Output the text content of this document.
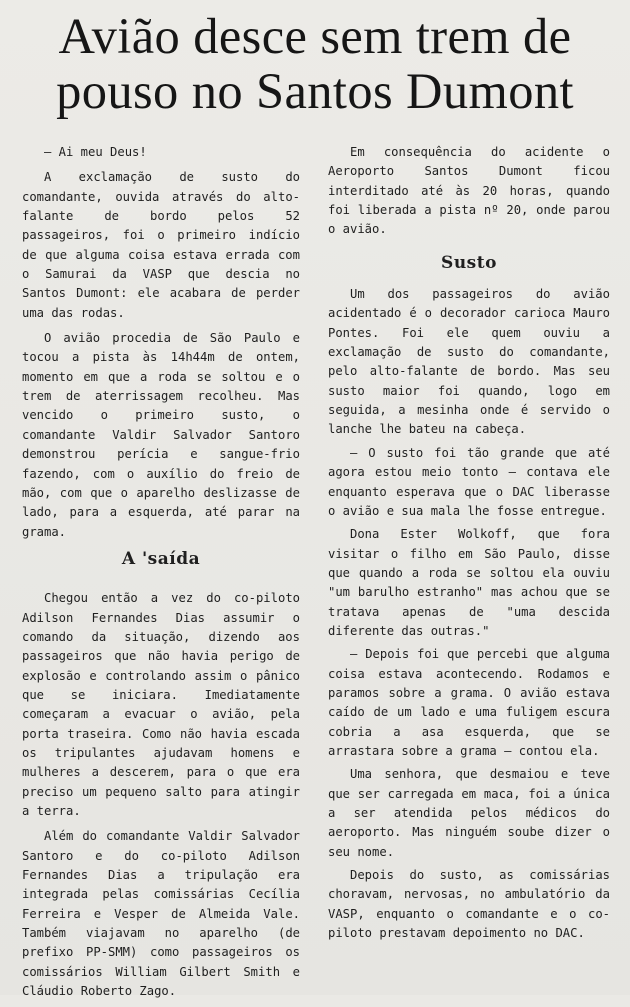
Avião desce sem trem de pouso no Santos Dumont

— Ai meu Deus!

A exclamação de susto do comandante, ouvida através do alto-falante de bordo pelos 52 passageiros, foi o primeiro indício de que alguma coisa estava errada com o Samurai da VASP que descia no Santos Dumont: ele acabara de perder uma das rodas.

O avião procedia de São Paulo e tocou a pista às 14h44m de ontem, momento em que a roda se soltou e o trem de aterrissagem recolheu. Mas vencido o primeiro susto, o comandante Valdir Salvador Santoro demonstrou perícia e sangue-frio fazendo, com o auxílio do freio de mão, com que o aparelho deslizasse de lado, para a esquerda, até parar na grama.

A 'saída

Chegou então a vez do co-piloto Adilson Fernandes Dias assumir o comando da situação, dizendo aos passageiros que não havia perigo de explosão e controlando assim o pânico que se iniciara. Imediatamente começaram a evacuar o avião, pela porta traseira. Como não havia escada os tripulantes ajudavam homens e mulheres a descerem, para o que era preciso um pequeno salto para atingir a terra.

Além do comandante Valdir Salvador Santoro e do co-piloto Adilson Fernandes Dias a tripulação era integrada pelas comissárias Cecília Ferreira e Vesper de Almeida Vale. Também viajavam no aparelho (de prefixo PP-SMM) como passageiros os comissários William Gilbert Smith e Cláudio Roberto Zago.

Em consequência do acidente o Aeroporto Santos Dumont ficou interditado até às 20 horas, quando foi liberada a pista nº 20, onde parou o avião.

Susto

Um dos passageiros do avião acidentado é o decorador carioca Mauro Pontes. Foi ele quem ouviu a exclamação de susto do comandante, pelo alto-falante de bordo. Mas seu susto maior foi quando, logo em seguida, a mesinha onde é servido o lanche lhe bateu na cabeça.

— O susto foi tão grande que até agora estou meio tonto — contava ele enquanto esperava que o DAC liberasse o avião e sua mala lhe fosse entregue.

Dona Ester Wolkoff, que fora visitar o filho em São Paulo, disse que quando a roda se soltou ela ouviu "um barulho estranho" mas achou que se tratava apenas de "uma descida diferente das outras."

— Depois foi que percebi que alguma coisa estava acontecendo. Rodamos e paramos sobre a grama. O avião estava caído de um lado e uma fuligem escura cobria a asa esquerda, que se arrastara sobre a grama — contou ela.

Uma senhora, que desmaiou e teve que ser carregada em maca, foi a única a ser atendida pelos médicos do aeroporto. Mas ninguém soube dizer o seu nome.

Depois do susto, as comissárias choravam, nervosas, no ambulatório da VASP, enquanto o comandante e o co-piloto prestavam depoimento no DAC.
